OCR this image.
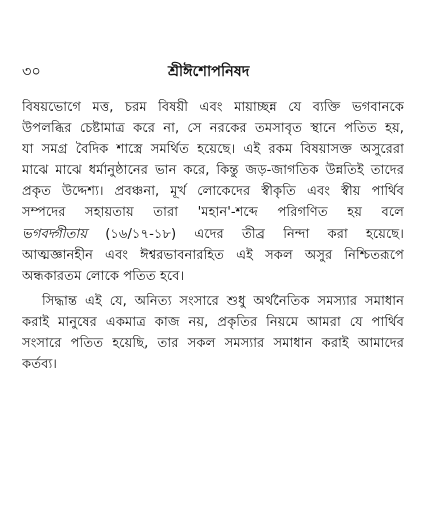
৩০	শ্রীঈশোপনিষদ
বিষয়ভোগে মত্ত, চরম বিষয়ী এবং মায়াচ্ছন্ন যে ব্যক্তি ভগবানকে
উপলব্ধির চেষ্টামাত্র করে না, সে নরকের তমসাবৃত স্থানে পতিত হয়,
যা সমগ্র বৈদিক শাস্ত্রে সমর্থিত হয়েছে। এই রকম বিষয়াসক্ত অসুরেরা
মাঝে মাঝে ধর্মানুষ্ঠানের ভান করে, কিন্তু জড়-জাগতিক উন্নতিই তাদের
প্রকৃত উদ্দেশ্য। প্রবঞ্চনা, মূর্খ লোকেদের স্বীকৃতি এবং স্বীয় পার্থিব
সম্পদের সহায়তায় তারা 'মহান'-শব্দে পরিগণিত হয় বলে
ভগবদ্গীতায় (১৬/১৭-১৮) এদের তীব্র নিন্দা করা হয়েছে।
আত্মজ্ঞানহীন এবং ঈশ্বরভাবনারহিত এই সকল অসুর নিশ্চিতরূপে
অন্ধকারতম লোকে পতিত হবে।
সিদ্ধান্ত এই যে, অনিত্য সংসারে শুধু অর্থনৈতিক সমস্যার সমাধান
করাই মানুষের একমাত্র কাজ নয়, প্রকৃতির নিয়মে আমরা যে পার্থিব
সংসারে পতিত হয়েছি, তার সকল সমস্যার সমাধান করাই আমাদের
কর্তব্য।
